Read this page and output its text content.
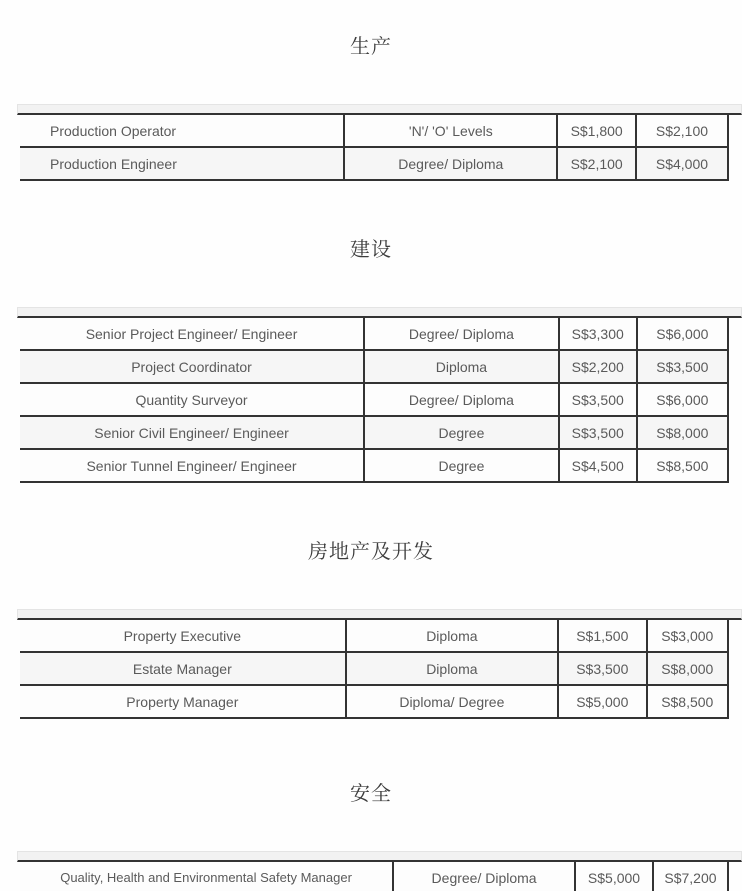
生产
Production Operator	'N'/ 'O' Levels	S$1,800	S$2,100
Production Engineer	Degree/ Diploma	S$2,100	S$4,000
建设
Senior Project Engineer/ Engineer	Degree/ Diploma	S$3,300	S$6,000
Project Coordinator	Diploma	S$2,200	S$3,500
Quantity Surveyor	Degree/ Diploma	S$3,500	S$6,000
Senior Civil Engineer/ Engineer	Degree	S$3,500	S$8,000
Senior Tunnel Engineer/ Engineer	Degree	S$4,500	S$8,500
房地产及开发
Property Executive	Diploma	S$1,500	S$3,000
Estate Manager	Diploma	S$3,500	S$8,000
Property Manager	Diploma/ Degree	S$5,000	S$8,500
安全
Quality, Health and Environmental Safety Manager	Degree/ Diploma	S$5,000	S$7,200
